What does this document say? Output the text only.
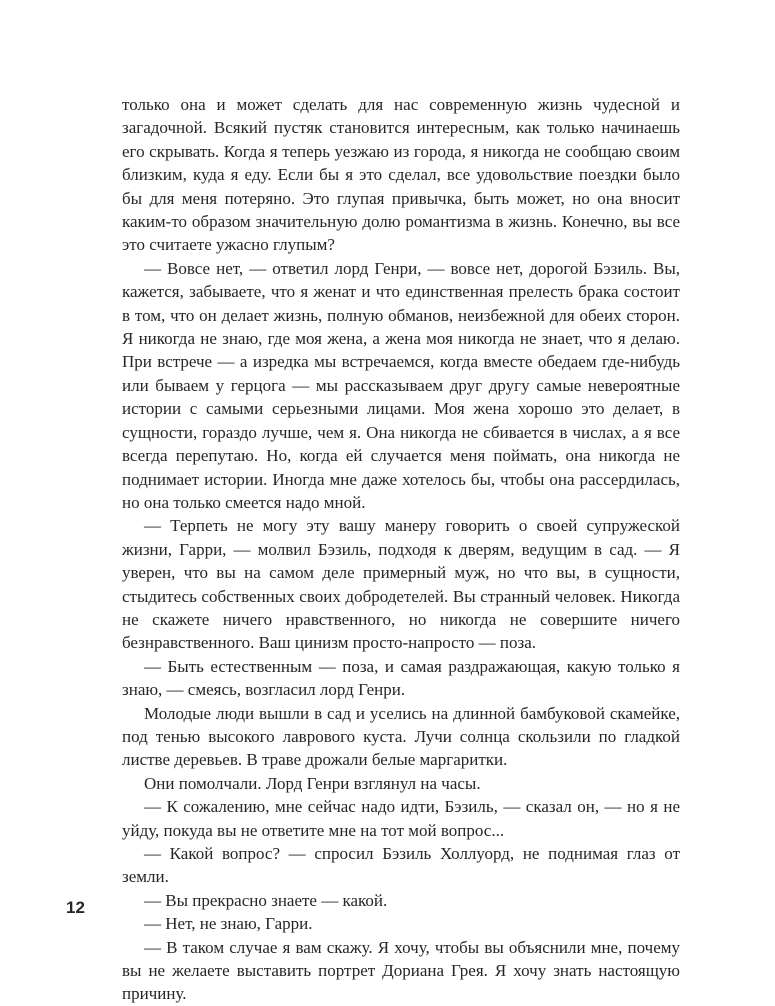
только она и может сделать для нас современную жизнь чудесной и загадочной. Всякий пустяк становится интересным, как только начинаешь его скрывать. Когда я теперь уезжаю из города, я никогда не сообщаю своим близким, куда я еду. Если бы я это сделал, все удовольствие поездки было бы для меня потеряно. Это глупая привычка, быть может, но она вносит каким-то образом значительную долю романтизма в жизнь. Конечно, вы все это считаете ужасно глупым?

— Вовсе нет, — ответил лорд Генри, — вовсе нет, дорогой Бэзиль. Вы, кажется, забываете, что я женат и что единственная прелесть брака состоит в том, что он делает жизнь, полную обманов, неизбежной для обеих сторон. Я никогда не знаю, где моя жена, а жена моя никогда не знает, что я делаю. При встрече — а изредка мы встречаемся, когда вместе обедаем где-нибудь или бываем у герцога — мы рассказываем друг другу самые невероятные истории с самыми серьезными лицами. Моя жена хорошо это делает, в сущности, гораздо лучше, чем я. Она никогда не сбивается в числах, а я все всегда перепутаю. Но, когда ей случается меня поймать, она никогда не поднимает истории. Иногда мне даже хотелось бы, чтобы она рассердилась, но она только смеется надо мной.

— Терпеть не могу эту вашу манеру говорить о своей супружеской жизни, Гарри, — молвил Бэзиль, подходя к дверям, ведущим в сад. — Я уверен, что вы на самом деле примерный муж, но что вы, в сущности, стыдитесь собственных своих добродетелей. Вы странный человек. Никогда не скажете ничего нравственного, но никогда не совершите ничего безнравственного. Ваш цинизм просто-напросто — поза.

— Быть естественным — поза, и самая раздражающая, какую только я знаю, — смеясь, возгласил лорд Генри.

Молодые люди вышли в сад и уселись на длинной бамбуковой скамейке, под тенью высокого лаврового куста. Лучи солнца скользили по гладкой листве деревьев. В траве дрожали белые маргаритки.

Они помолчали. Лорд Генри взглянул на часы.

— К сожалению, мне сейчас надо идти, Бэзиль, — сказал он, — но я не уйду, покуда вы не ответите мне на тот мой вопрос...

— Какой вопрос? — спросил Бэзиль Холлуорд, не поднимая глаз от земли.

— Вы прекрасно знаете — какой.

— Нет, не знаю, Гарри.

— В таком случае я вам скажу. Я хочу, чтобы вы объяснили мне, почему вы не желаете выставить портрет Дориана Грея. Я хочу знать настоящую причину.

12
